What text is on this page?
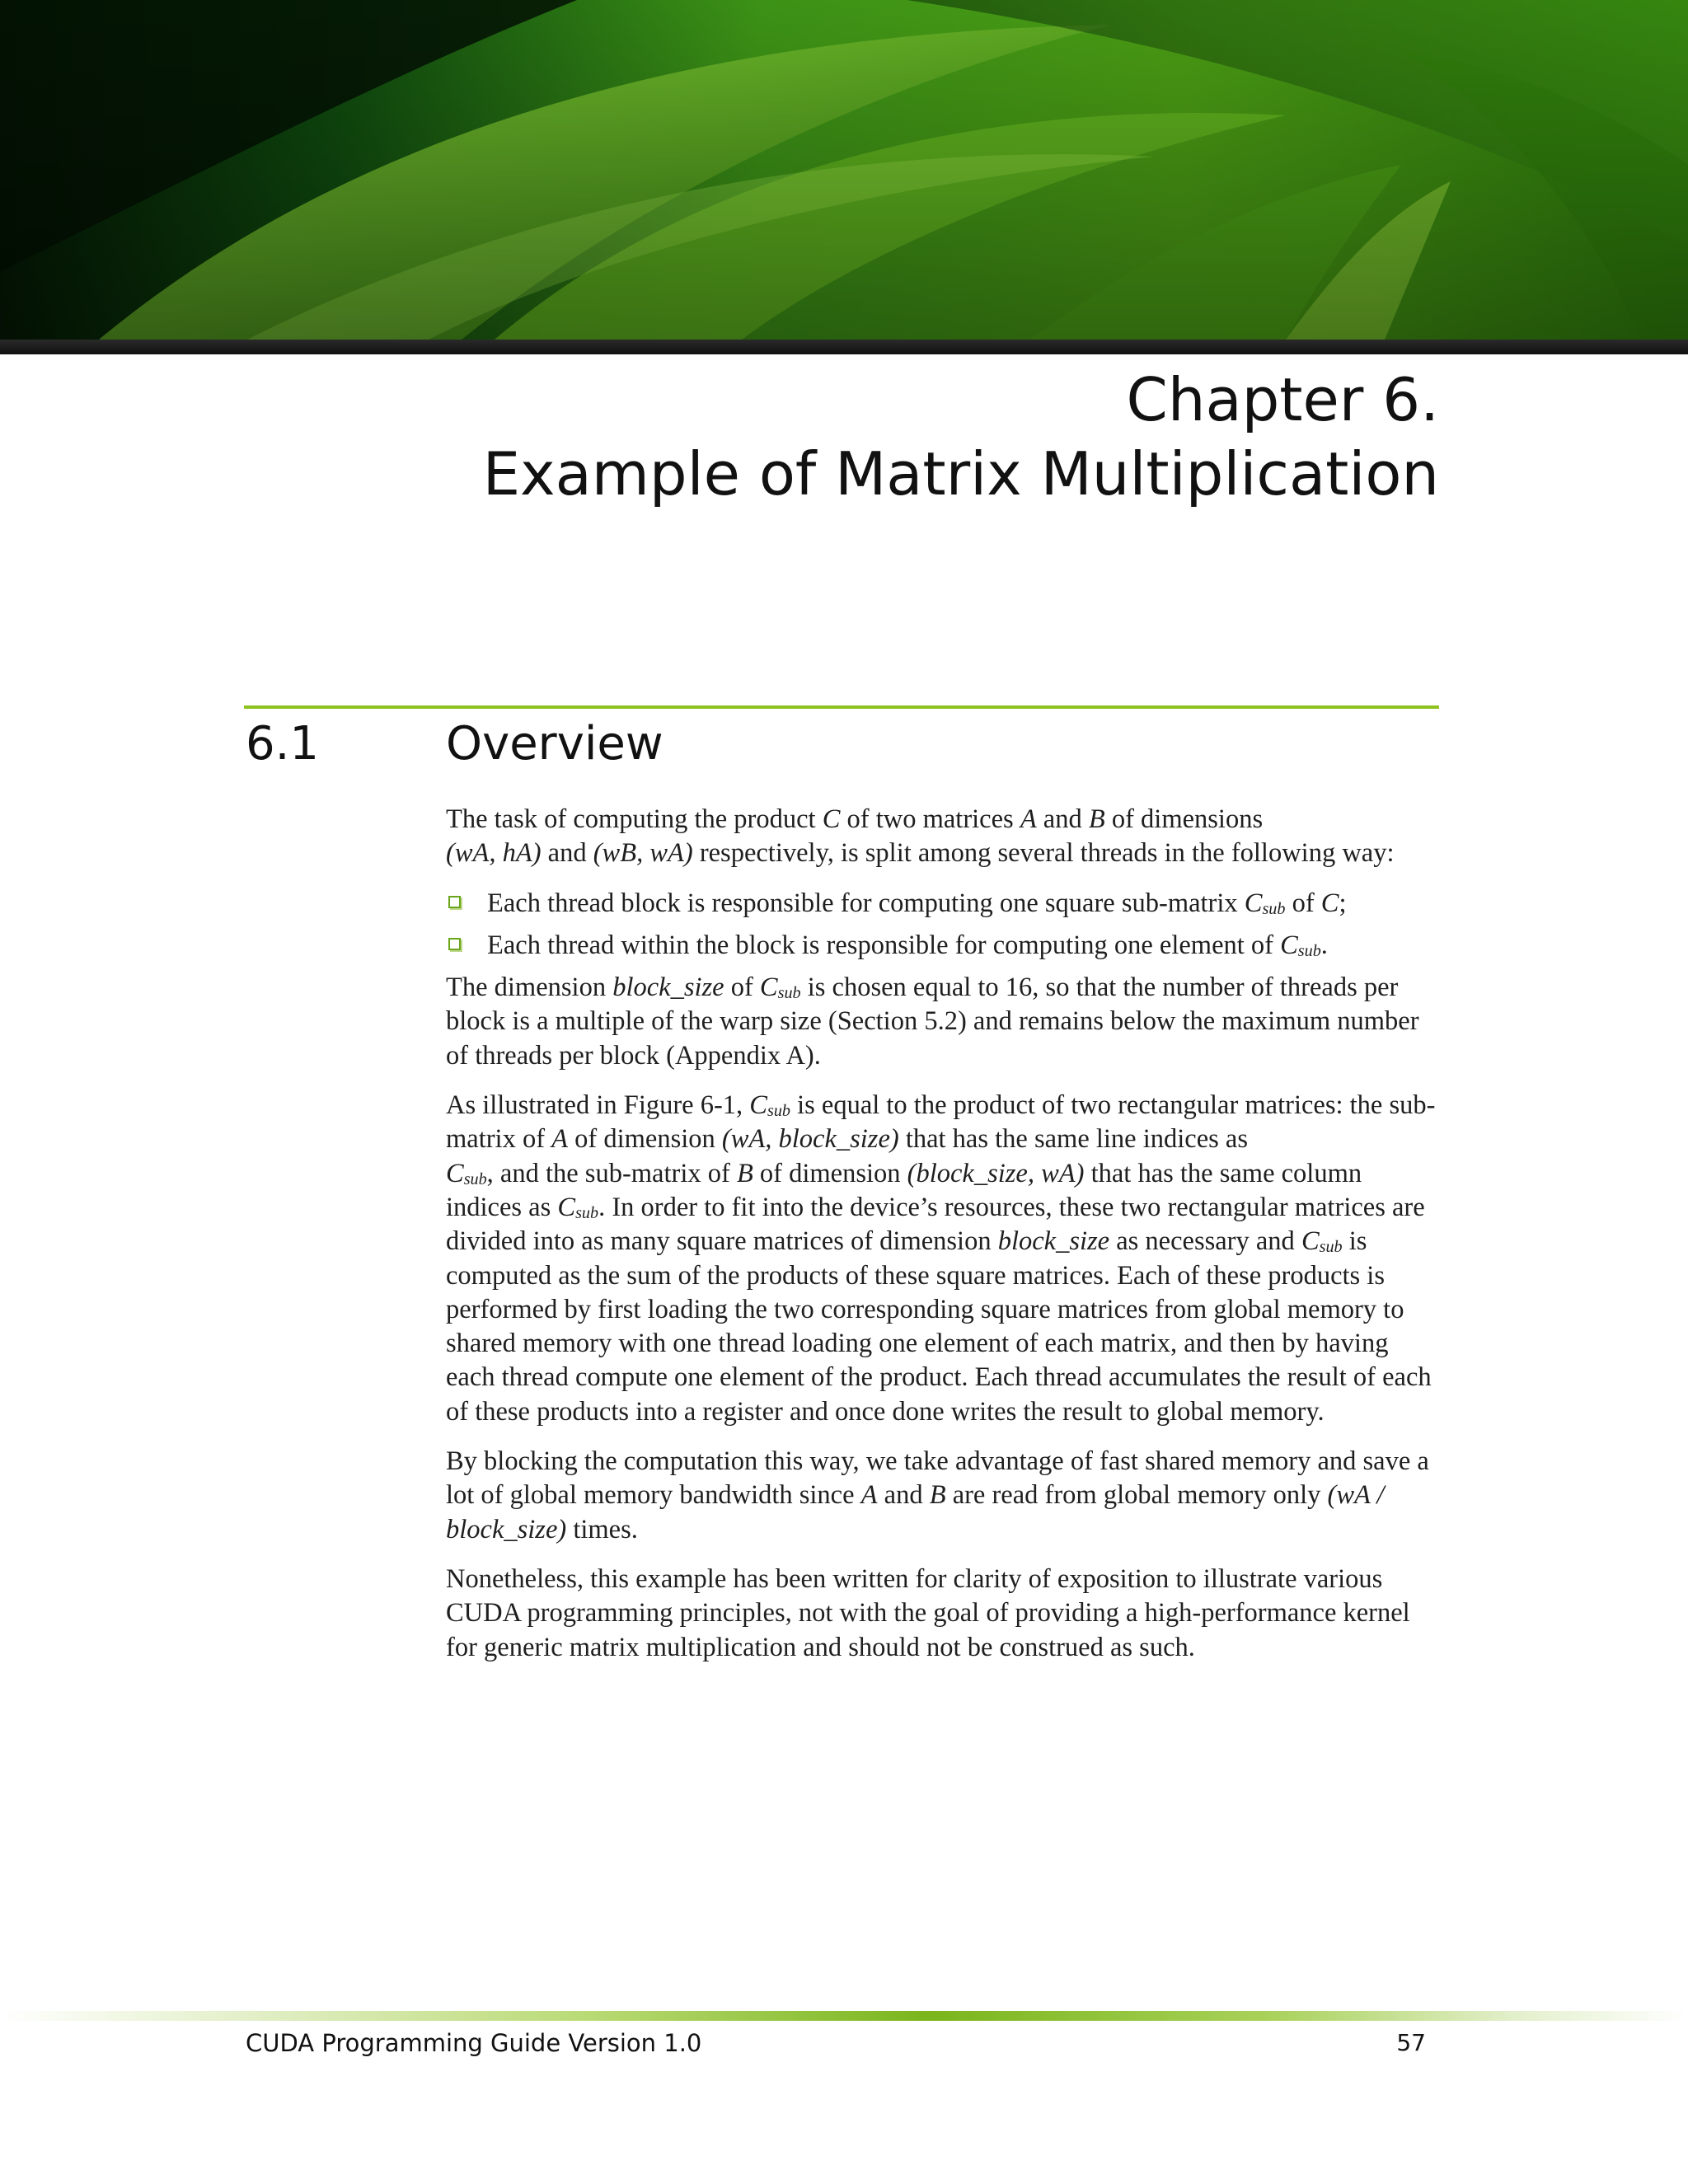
Chapter 6.
Example of Matrix Multiplication
6.1	Overview

The task of computing the product C of two matrices A and B of dimensions
(wA, hA) and (wB, wA) respectively, is split among several threads in the following way:

Each thread block is responsible for computing one square sub-matrix $C_{sub}$ of C;
Each thread within the block is responsible for computing one element of $C_{sub}$.

The dimension block_size of $C_{sub}$ is chosen equal to 16, so that the number of threads per block is a multiple of the warp size (Section 5.2) and remains below the maximum number of threads per block (Appendix A).

As illustrated in Figure 6-1, $C_{sub}$ is equal to the product of two rectangular matrices: the sub-matrix of A of dimension (wA, block_size) that has the same line indices as
$C_{sub}$, and the sub-matrix of B of dimension (block_size, wA) that has the same column indices as $C_{sub}$. In order to fit into the device’s resources, these two rectangular matrices are divided into as many square matrices of dimension block_size as necessary and $C_{sub}$ is computed as the sum of the products of these square matrices. Each of these products is performed by first loading the two corresponding square matrices from global memory to shared memory with one thread loading one element of each matrix, and then by having each thread compute one element of the product. Each thread accumulates the result of each of these products into a register and once done writes the result to global memory.

By blocking the computation this way, we take advantage of fast shared memory and save a lot of global memory bandwidth since A and B are read from global memory only (wA / block_size) times.

Nonetheless, this example has been written for clarity of exposition to illustrate various CUDA programming principles, not with the goal of providing a high-performance kernel for generic matrix multiplication and should not be construed as such.

CUDA Programming Guide Version 1.0	57
